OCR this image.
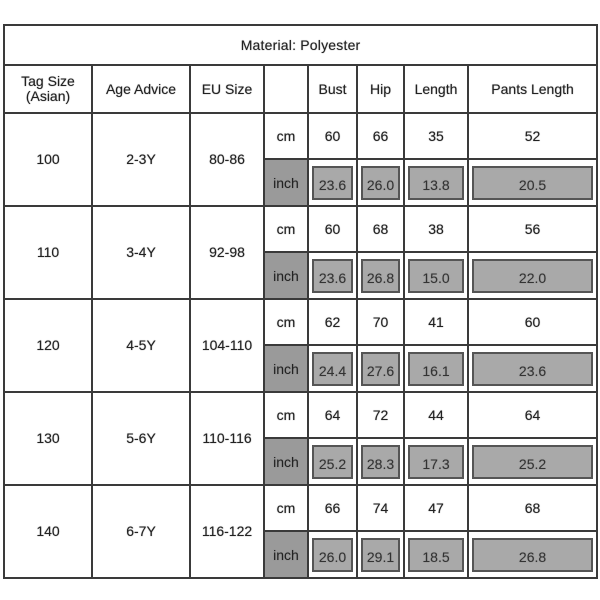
Material: Polyester							
Tag Size (Asian)	Age Advice	EU Size		Bust	Hip	Length	Pants Length
100	2-3Y	80-86	cm	60	66	35	52
			inch	23.6	26.0	13.8	20.5

110	3-4Y	92-98	cm	60	68	38	56
			inch	23.6	26.8	15.0	22.0

120	4-5Y	104-110	cm	62	70	41	60
			inch	24.4	27.6	16.1	23.6

130	5-6Y	110-116	cm	64	72	44	64
			inch	25.2	28.3	17.3	25.2

140	6-7Y	116-122	cm	66	74	47	68
			inch	26.0	29.1	18.5	26.8
